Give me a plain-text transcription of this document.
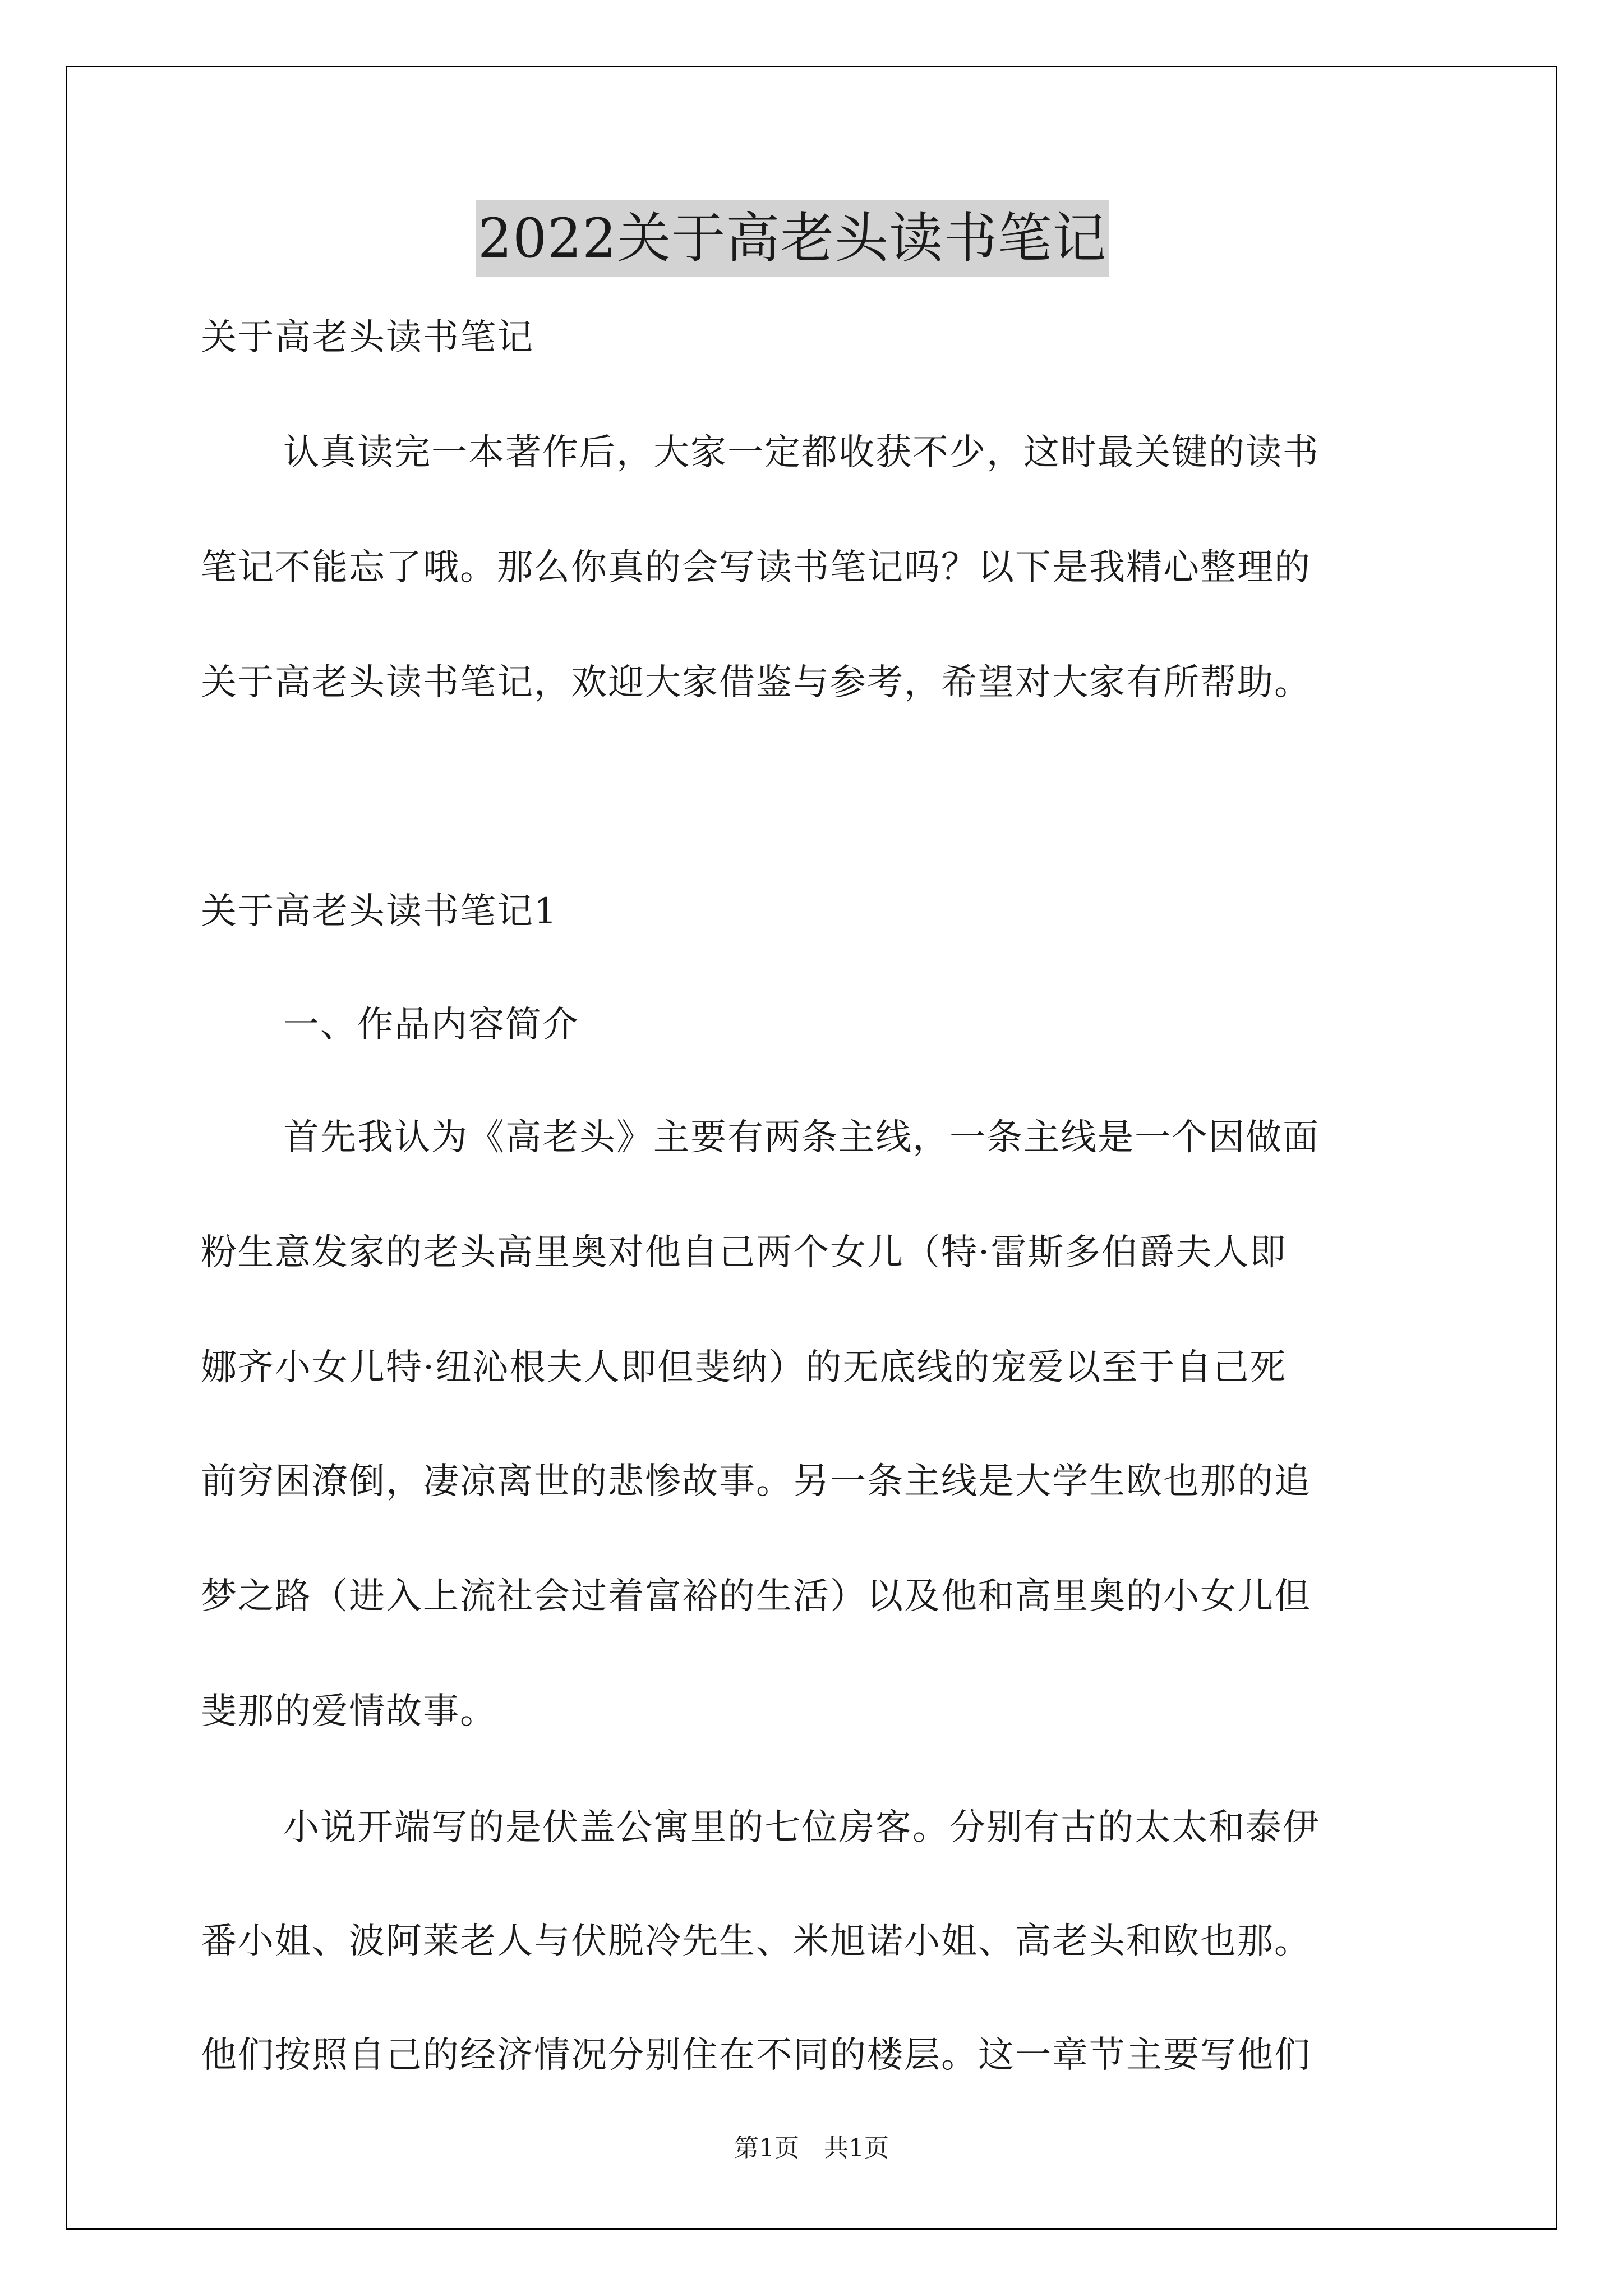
2022关于高老头读书笔记
关于高老头读书笔记
认真读完一本著作后，大家一定都收获不少，这时最关键的读书
笔记不能忘了哦。那么你真的会写读书笔记吗？以下是我精心整理的
关于高老头读书笔记，欢迎大家借鉴与参考，希望对大家有所帮助。
关于高老头读书笔记1
一、作品内容简介
首先我认为《高老头》主要有两条主线，一条主线是一个因做面
粉生意发家的老头高里奥对他自己两个女儿（特·雷斯多伯爵夫人即
娜齐小女儿特·纽沁根夫人即但斐纳）的无底线的宠爱以至于自己死
前穷困潦倒，凄凉离世的悲惨故事。另一条主线是大学生欧也那的追
梦之路（进入上流社会过着富裕的生活）以及他和高里奥的小女儿但
斐那的爱情故事。
小说开端写的是伏盖公寓里的七位房客。分别有古的太太和泰伊
番小姐、波阿莱老人与伏脱冷先生、米旭诺小姐、高老头和欧也那。
他们按照自己的经济情况分别住在不同的楼层。这一章节主要写他们
第1页　共1页
